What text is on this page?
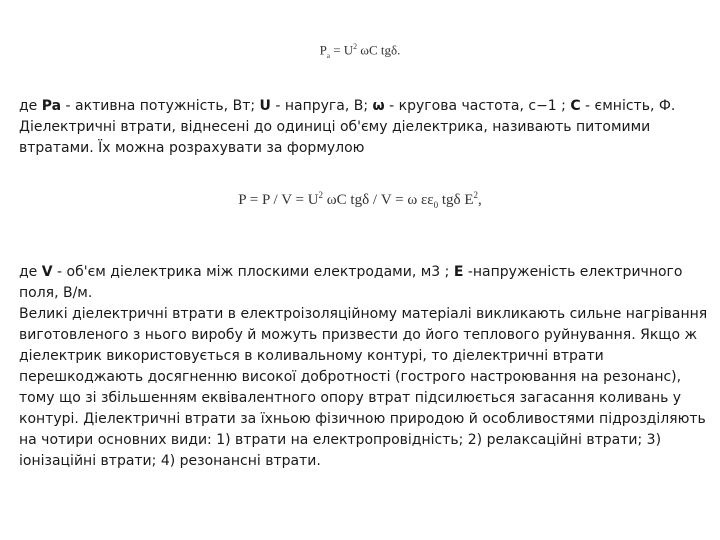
$P_a = U^2$ ωC tgδ.

де Pa - активна потужність, Вт; U - напруга, В; ω - кругова частота, с−1 ; С - ємність, Ф.
Діелектричні втрати, віднесені до одиниці об'єму діелектрика, називають питомими втратами. Їх можна розрахувати за формулою

$P = P / V = U^2$ ωC tgδ / V = ω $\varepsilon\varepsilon_0$ tgδ $E^2$,

де V - об'єм діелектрика між плоскими електродами, м3 ; Е -напруженість електричного поля, В/м.
Великі діелектричні втрати в електроізоляційному матеріалі викликають сильне нагрівання виготовленого з нього виробу й можуть призвести до його теплового руйнування. Якщо ж діелектрик використовується в коливальному контурі, то діелектричні втрати перешкоджають досягненню високої добротності (гострого настроювання на резонанс), тому що зі збільшенням еквівалентного опору втрат підсилюється загасання коливань у контурі. Діелектричні втрати за їхньою фізичною природою й особливостями підрозділяють на чотири основних види: 1) втрати на електропровідність; 2) релаксаційні втрати; 3) іонізаційні втрати; 4) резонансні втрати.
